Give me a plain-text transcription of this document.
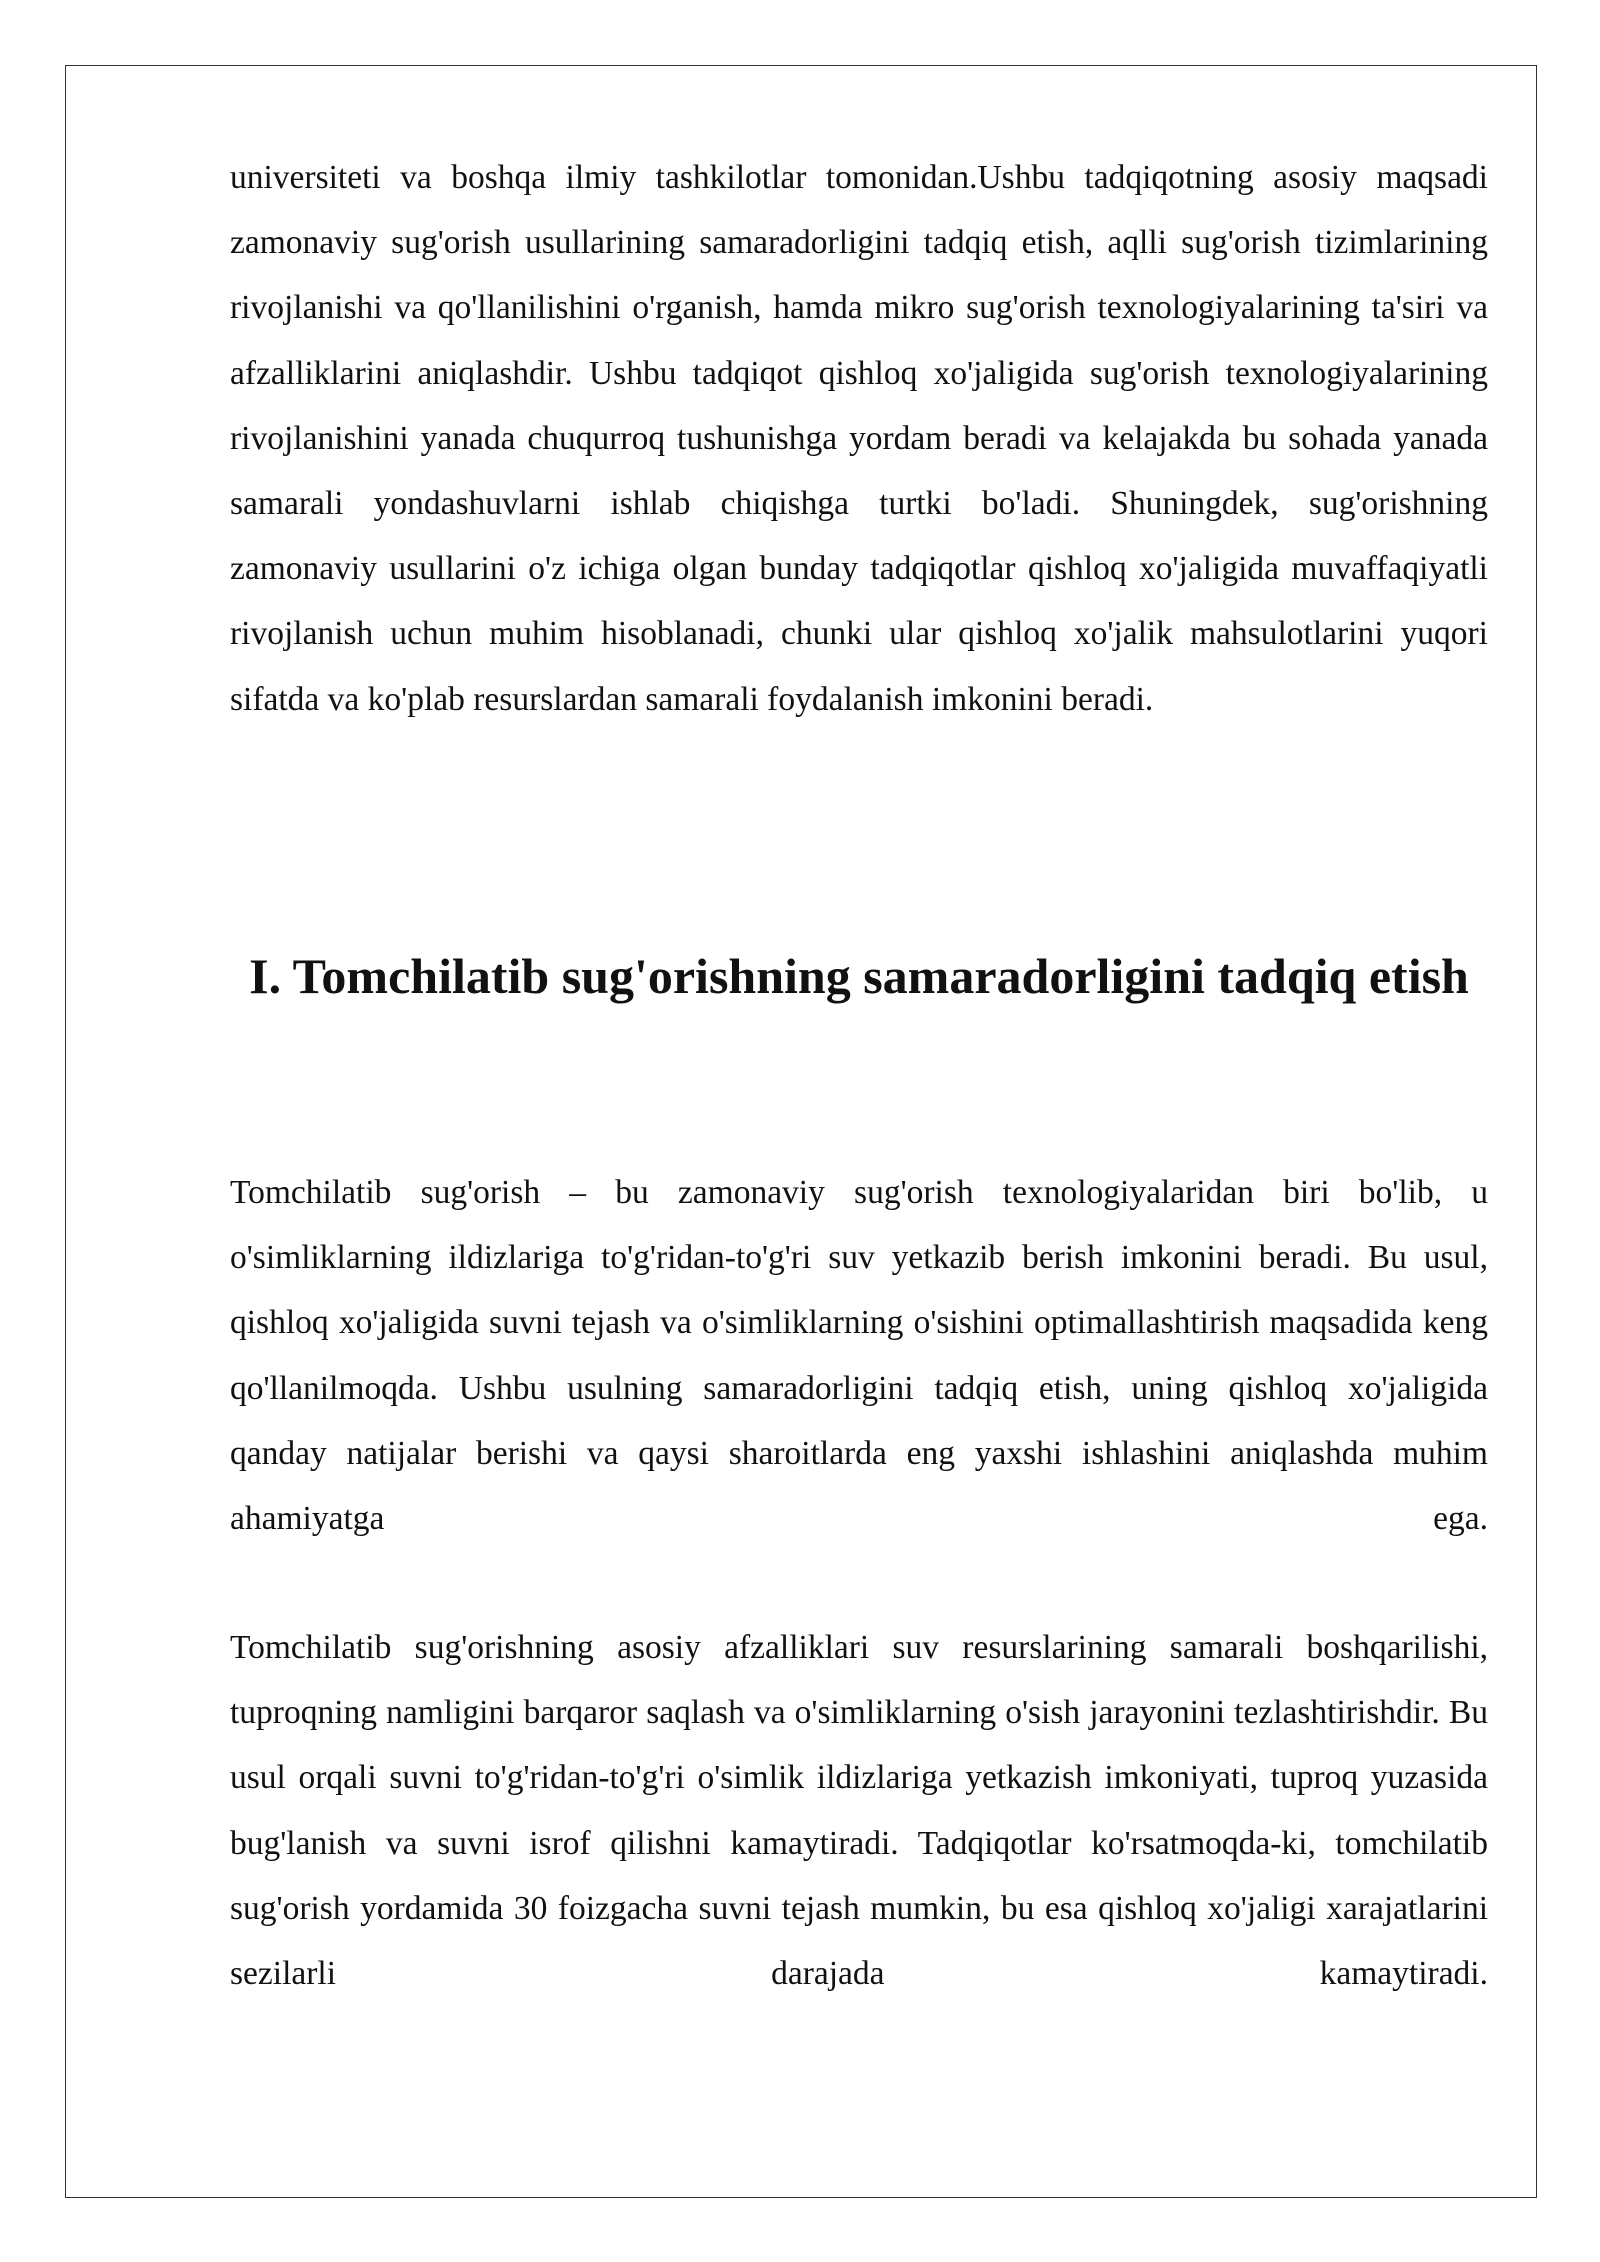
universiteti va boshqa ilmiy tashkilotlar tomonidan.Ushbu tadqiqotning asosiy maqsadi zamonaviy sug'orish usullarining samaradorligini tadqiq etish, aqlli sug'orish tizimlarining rivojlanishi va qo'llanilishini o'rganish, hamda mikro sug'orish texnologiyalarining ta'siri va afzalliklarini aniqlashdir. Ushbu tadqiqot qishloq xo'jaligida sug'orish texnologiyalarining rivojlanishini yanada chuqurroq tushunishga yordam beradi va kelajakda bu sohada yanada samarali yondashuvlarni ishlab chiqishga turtki bo'ladi. Shuningdek, sug'orishning zamonaviy usullarini o'z ichiga olgan bunday tadqiqotlar qishloq xo'jaligida muvaffaqiyatli rivojlanish uchun muhim hisoblanadi, chunki ular qishloq xo'jalik mahsulotlarini yuqori sifatda va ko'plab resurslardan samarali foydalanish imkonini beradi.

I. Tomchilatib sug'orishning samaradorligini tadqiq etish

Tomchilatib sug'orish – bu zamonaviy sug'orish texnologiyalaridan biri bo'lib, u o'simliklarning ildizlariga to'g'ridan-to'g'ri suv yetkazib berish imkonini beradi. Bu usul, qishloq xo'jaligida suvni tejash va o'simliklarning o'sishini optimallashtirish maqsadida keng qo'llanilmoqda. Ushbu usulning samaradorligini tadqiq etish, uning qishloq xo'jaligida qanday natijalar berishi va qaysi sharoitlarda eng yaxshi ishlashini aniqlashda muhim ahamiyatga ega.

Tomchilatib sug'orishning asosiy afzalliklari suv resurslarining samarali boshqarilishi, tuproqning namligini barqaror saqlash va o'simliklarning o'sish jarayonini tezlashtirishdir. Bu usul orqali suvni to'g'ridan-to'g'ri o'simlik ildizlariga yetkazish imkoniyati, tuproq yuzasida bug'lanish va suvni isrof qilishni kamaytiradi. Tadqiqotlar ko'rsatmoqda-ki, tomchilatib sug'orish yordamida 30 foizgacha suvni tejash mumkin, bu esa qishloq xo'jaligi xarajatlarini sezilarli darajada kamaytiradi.
